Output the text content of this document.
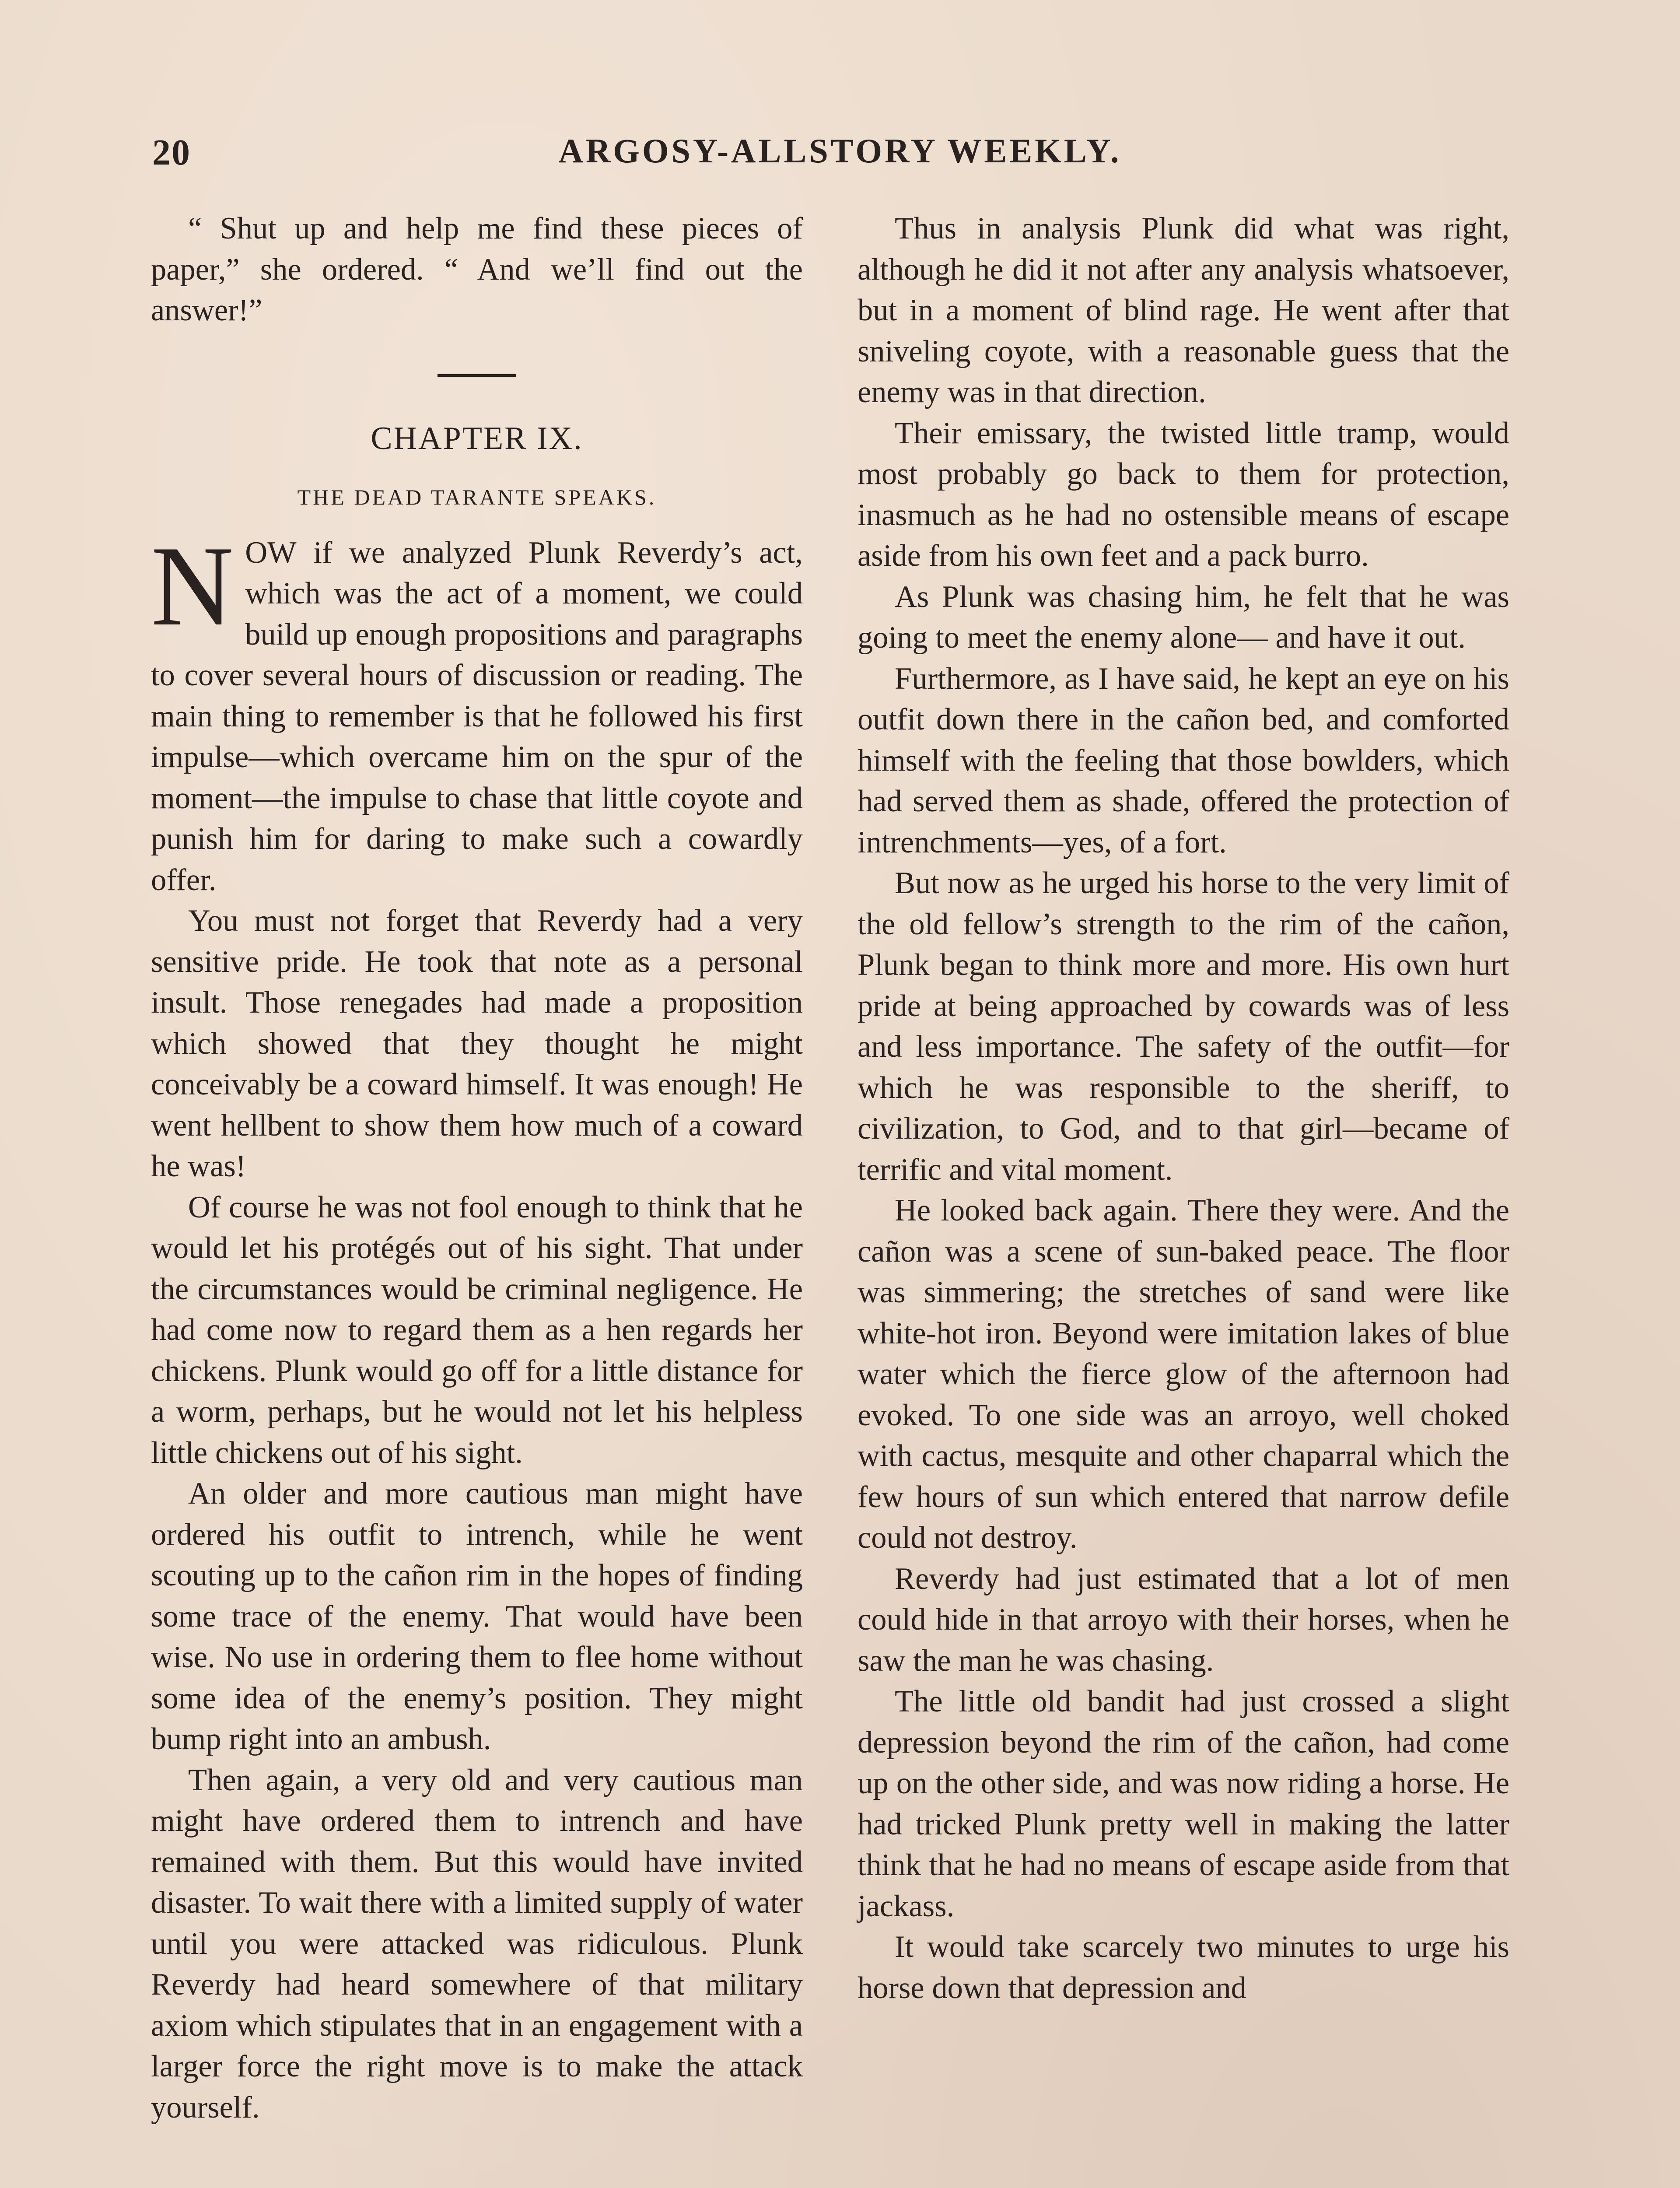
20	ARGOSY-ALLSTORY WEEKLY.

“ Shut up and help me find these pieces of paper,” she ordered. “ And we’ll find out the answer!”

CHAPTER IX.
THE DEAD TARANTE SPEAKS.

NOW if we analyzed Plunk Reverdy’s act, which was the act of a moment, we could build up enough propositions and paragraphs to cover several hours of discussion or reading. The main thing to remember is that he followed his first impulse—which overcame him on the spur of the moment—the impulse to chase that little coyote and punish him for daring to make such a cowardly offer.

You must not forget that Reverdy had a very sensitive pride. He took that note as a personal insult. Those renegades had made a proposition which showed that they thought he might conceivably be a coward himself. It was enough! He went hellbent to show them how much of a coward he was!

Of course he was not fool enough to think that he would let his protégés out of his sight. That under the circumstances would be criminal negligence. He had come now to regard them as a hen regards her chickens. Plunk would go off for a little distance for a worm, perhaps, but he would not let his helpless little chickens out of his sight.

An older and more cautious man might have ordered his outfit to intrench, while he went scouting up to the cañon rim in the hopes of finding some trace of the enemy. That would have been wise. No use in ordering them to flee home without some idea of the enemy’s position. They might bump right into an ambush.

Then again, a very old and very cautious man might have ordered them to intrench and have remained with them. But this would have invited disaster. To wait there with a limited supply of water until you were attacked was ridiculous. Plunk Reverdy had heard somewhere of that military axiom which stipulates that in an engagement with a larger force the right move is to make the attack yourself.

Thus in analysis Plunk did what was right, although he did it not after any analysis whatsoever, but in a moment of blind rage. He went after that sniveling coyote, with a reasonable guess that the enemy was in that direction.

Their emissary, the twisted little tramp, would most probably go back to them for protection, inasmuch as he had no ostensible means of escape aside from his own feet and a pack burro.

As Plunk was chasing him, he felt that he was going to meet the enemy alone— and have it out.

Furthermore, as I have said, he kept an eye on his outfit down there in the cañon bed, and comforted himself with the feeling that those bowlders, which had served them as shade, offered the protection of intrenchments—yes, of a fort.

But now as he urged his horse to the very limit of the old fellow’s strength to the rim of the cañon, Plunk began to think more and more. His own hurt pride at being approached by cowards was of less and less importance. The safety of the outfit—for which he was responsible to the sheriff, to civilization, to God, and to that girl—became of terrific and vital moment.

He looked back again. There they were. And the cañon was a scene of sun-baked peace. The floor was simmering; the stretches of sand were like white-hot iron. Beyond were imitation lakes of blue water which the fierce glow of the afternoon had evoked. To one side was an arroyo, well choked with cactus, mesquite and other chaparral which the few hours of sun which entered that narrow defile could not destroy.

Reverdy had just estimated that a lot of men could hide in that arroyo with their horses, when he saw the man he was chasing.

The little old bandit had just crossed a slight depression beyond the rim of the cañon, had come up on the other side, and was now riding a horse. He had tricked Plunk pretty well in making the latter think that he had no means of escape aside from that jackass.

It would take scarcely two minutes to urge his horse down that depression and
